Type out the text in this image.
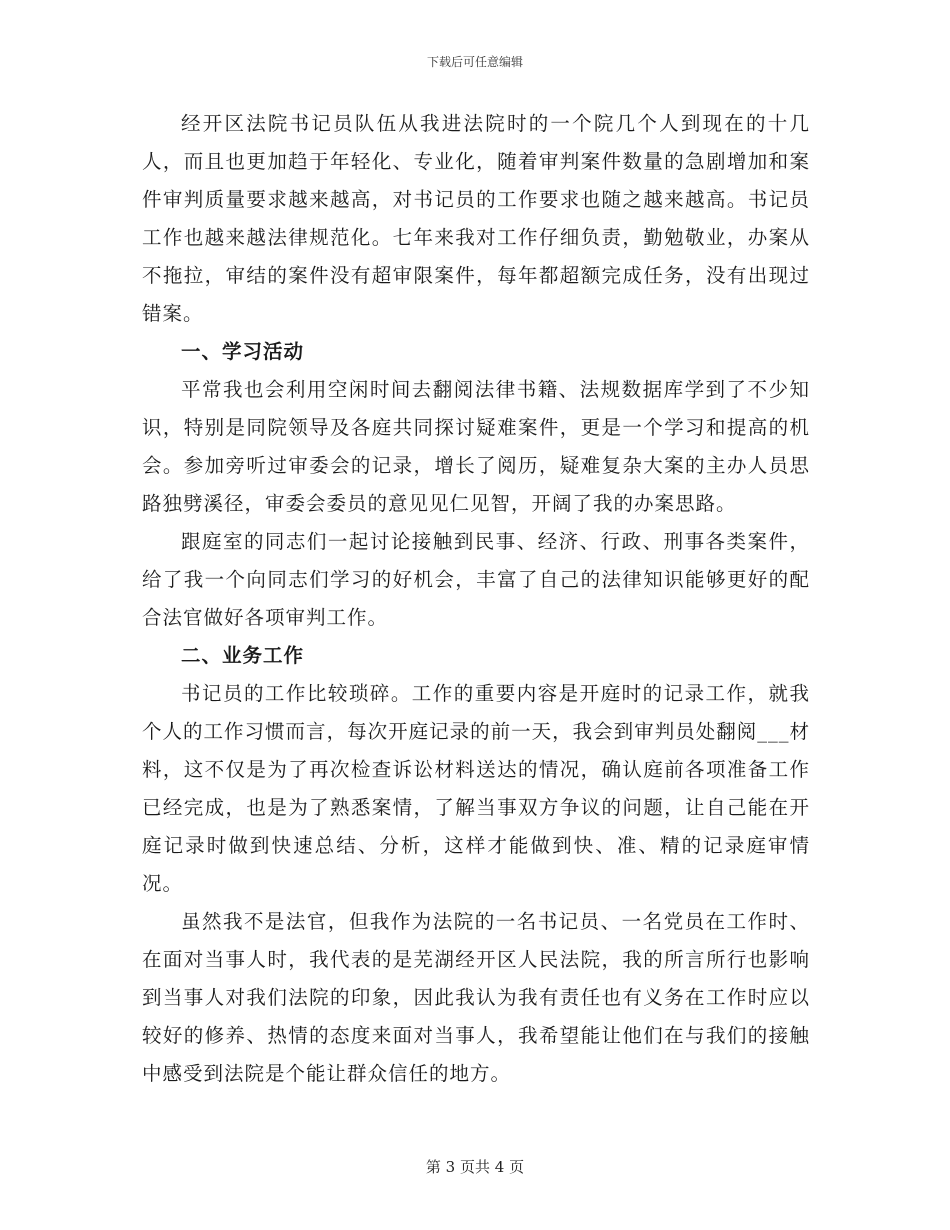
下载后可任意编辑

经开区法院书记员队伍从我进法院时的一个院几个人到现在的十几人，而且也更加趋于年轻化、专业化，随着审判案件数量的急剧增加和案件审判质量要求越来越高，对书记员的工作要求也随之越来越高。书记员工作也越来越法律规范化。七年来我对工作仔细负责，勤勉敬业，办案从不拖拉，审结的案件没有超审限案件，每年都超额完成任务，没有出现过错案。

一、学习活动

平常我也会利用空闲时间去翻阅法律书籍、法规数据库学到了不少知识，特别是同院领导及各庭共同探讨疑难案件，更是一个学习和提高的机会。参加旁听过审委会的记录，增长了阅历，疑难复杂大案的主办人员思路独劈溪径，审委会委员的意见见仁见智，开阔了我的办案思路。

跟庭室的同志们一起讨论接触到民事、经济、行政、刑事各类案件，给了我一个向同志们学习的好机会，丰富了自己的法律知识能够更好的配合法官做好各项审判工作。

二、业务工作

书记员的工作比较琐碎。工作的重要内容是开庭时的记录工作，就我个人的工作习惯而言，每次开庭记录的前一天，我会到审判员处翻阅___材料，这不仅是为了再次检查诉讼材料送达的情况，确认庭前各项准备工作已经完成，也是为了熟悉案情，了解当事双方争议的问题，让自己能在开庭记录时做到快速总结、分析，这样才能做到快、准、精的记录庭审情况。

虽然我不是法官，但我作为法院的一名书记员、一名党员在工作时、在面对当事人时，我代表的是芜湖经开区人民法院，我的所言所行也影响到当事人对我们法院的印象，因此我认为我有责任也有义务在工作时应以较好的修养、热情的态度来面对当事人，我希望能让他们在与我们的接触中感受到法院是个能让群众信任的地方。

第 3 页共 4 页
